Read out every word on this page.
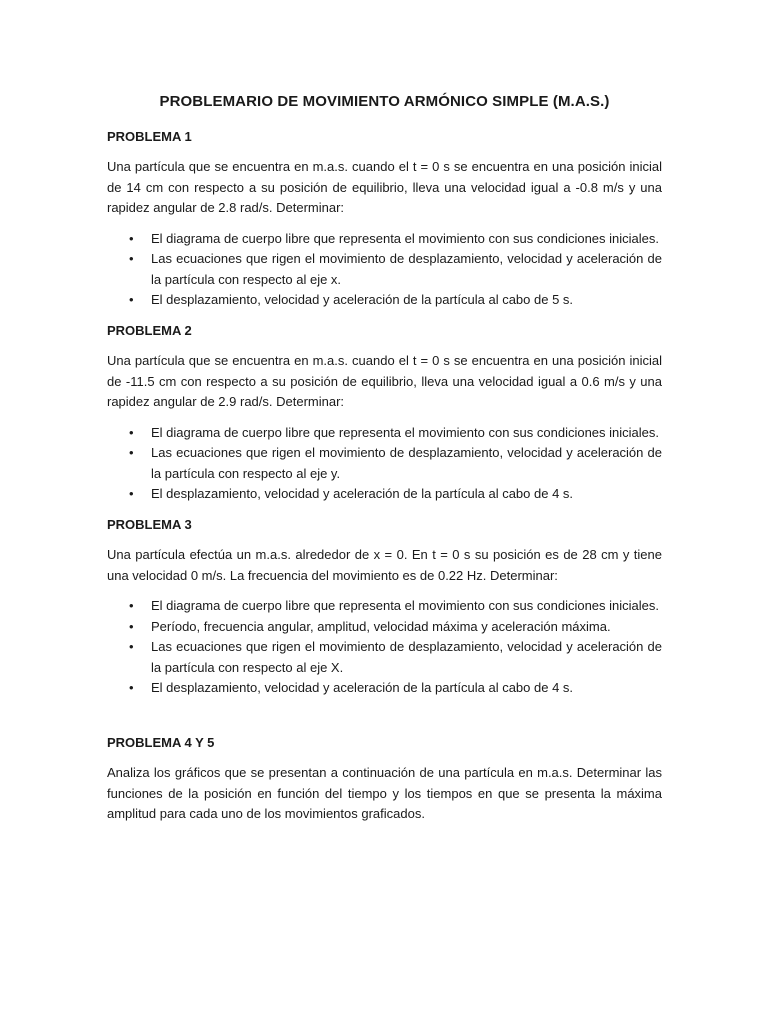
PROBLEMARIO DE MOVIMIENTO ARMÓNICO SIMPLE (M.A.S.)
PROBLEMA 1
Una partícula que se encuentra en m.a.s. cuando el t = 0 s se encuentra en una posición inicial de 14 cm con respecto a su posición de equilibrio, lleva una velocidad igual a -0.8 m/s y una rapidez angular de 2.8 rad/s. Determinar:
• El diagrama de cuerpo libre que representa el movimiento con sus condiciones iniciales.
• Las ecuaciones que rigen el movimiento de desplazamiento, velocidad y aceleración de la partícula con respecto al eje x.
• El desplazamiento, velocidad y aceleración de la partícula al cabo de 5 s.
PROBLEMA 2
Una partícula que se encuentra en m.a.s. cuando el t = 0 s se encuentra en una posición inicial de -11.5 cm con respecto a su posición de equilibrio, lleva una velocidad igual a 0.6 m/s y una rapidez angular de 2.9 rad/s. Determinar:
• El diagrama de cuerpo libre que representa el movimiento con sus condiciones iniciales.
• Las ecuaciones que rigen el movimiento de desplazamiento, velocidad y aceleración de la partícula con respecto al eje y.
• El desplazamiento, velocidad y aceleración de la partícula al cabo de 4 s.
PROBLEMA 3
Una partícula efectúa un m.a.s. alrededor de x = 0. En t = 0 s su posición es de 28 cm y tiene una velocidad 0 m/s. La frecuencia del movimiento es de 0.22 Hz. Determinar:
• El diagrama de cuerpo libre que representa el movimiento con sus condiciones iniciales.
• Período, frecuencia angular, amplitud, velocidad máxima y aceleración máxima.
• Las ecuaciones que rigen el movimiento de desplazamiento, velocidad y aceleración de la partícula con respecto al eje X.
• El desplazamiento, velocidad y aceleración de la partícula al cabo de 4 s.
PROBLEMA 4 Y 5
Analiza los gráficos que se presentan a continuación de una partícula en m.a.s. Determinar las funciones de la posición en función del tiempo y los tiempos en que se presenta la máxima amplitud para cada uno de los movimientos graficados.
